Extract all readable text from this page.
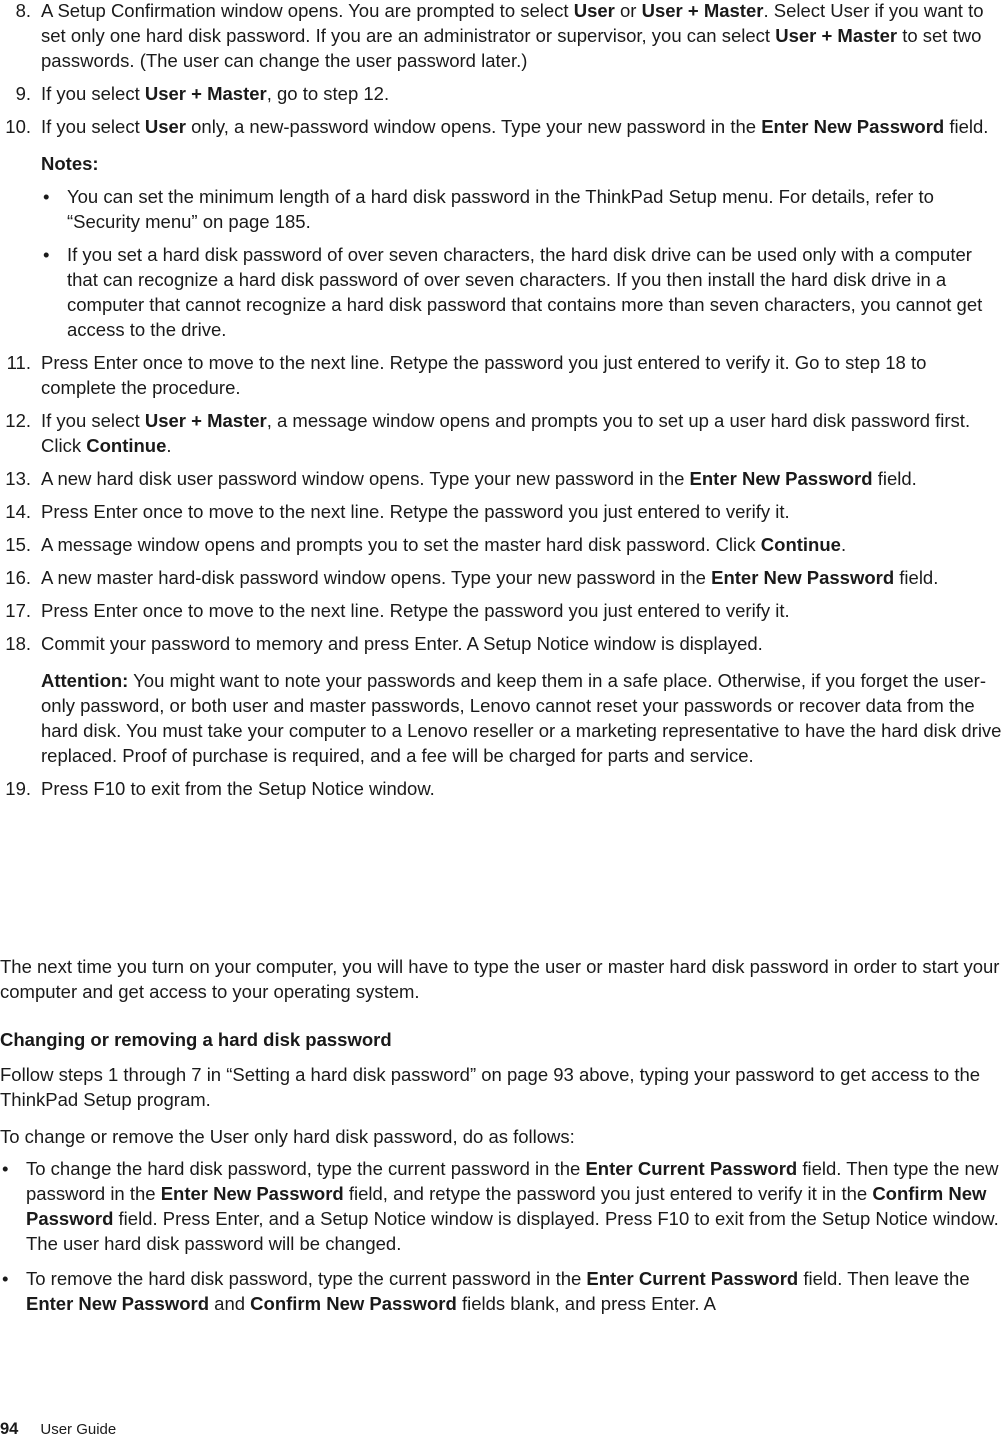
8. A Setup Confirmation window opens. You are prompted to select User or User + Master. Select User if you want to set only one hard disk password. If you are an administrator or supervisor, you can select User + Master to set two passwords. (The user can change the user password later.)

9. If you select User + Master, go to step 12.

10. If you select User only, a new-password window opens. Type your new password in the Enter New Password field.

Notes:

• You can set the minimum length of a hard disk password in the ThinkPad Setup menu. For details, refer to “Security menu” on page 185.
• If you set a hard disk password of over seven characters, the hard disk drive can be used only with a computer that can recognize a hard disk password of over seven characters. If you then install the hard disk drive in a computer that cannot recognize a hard disk password that contains more than seven characters, you cannot get access to the drive.
11. Press Enter once to move to the next line. Retype the password you just entered to verify it. Go to step 18 to complete the procedure.

12. If you select User + Master, a message window opens and prompts you to set up a user hard disk password first. Click Continue.

13. A new hard disk user password window opens. Type your new password in the Enter New Password field.

14. Press Enter once to move to the next line. Retype the password you just entered to verify it.

15. A message window opens and prompts you to set the master hard disk password. Click Continue.

16. A new master hard-disk password window opens. Type your new password in the Enter New Password field.

17. Press Enter once to move to the next line. Retype the password you just entered to verify it.

18. Commit your password to memory and press Enter. A Setup Notice window is displayed.

Attention: You might want to note your passwords and keep them in a safe place. Otherwise, if you forget the user-only password, or both user and master passwords, Lenovo cannot reset your passwords or recover data from the hard disk. You must take your computer to a Lenovo reseller or a marketing representative to have the hard disk drive replaced. Proof of purchase is required, and a fee will be charged for parts and service.

19. Press F10 to exit from the Setup Notice window.

The next time you turn on your computer, you will have to type the user or master hard disk password in order to start your computer and get access to your operating system.

Changing or removing a hard disk password

Follow steps 1 through 7 in “Setting a hard disk password” on page 93 above, typing your password to get access to the ThinkPad Setup program.

To change or remove the User only hard disk password, do as follows:

• To change the hard disk password, type the current password in the Enter Current Password field. Then type the new password in the Enter New Password field, and retype the password you just entered to verify it in the Confirm New Password field. Press Enter, and a Setup Notice window is displayed. Press F10 to exit from the Setup Notice window. The user hard disk password will be changed.

• To remove the hard disk password, type the current password in the Enter Current Password field. Then leave the Enter New Password and Confirm New Password fields blank, and press Enter. A

94 User Guide
